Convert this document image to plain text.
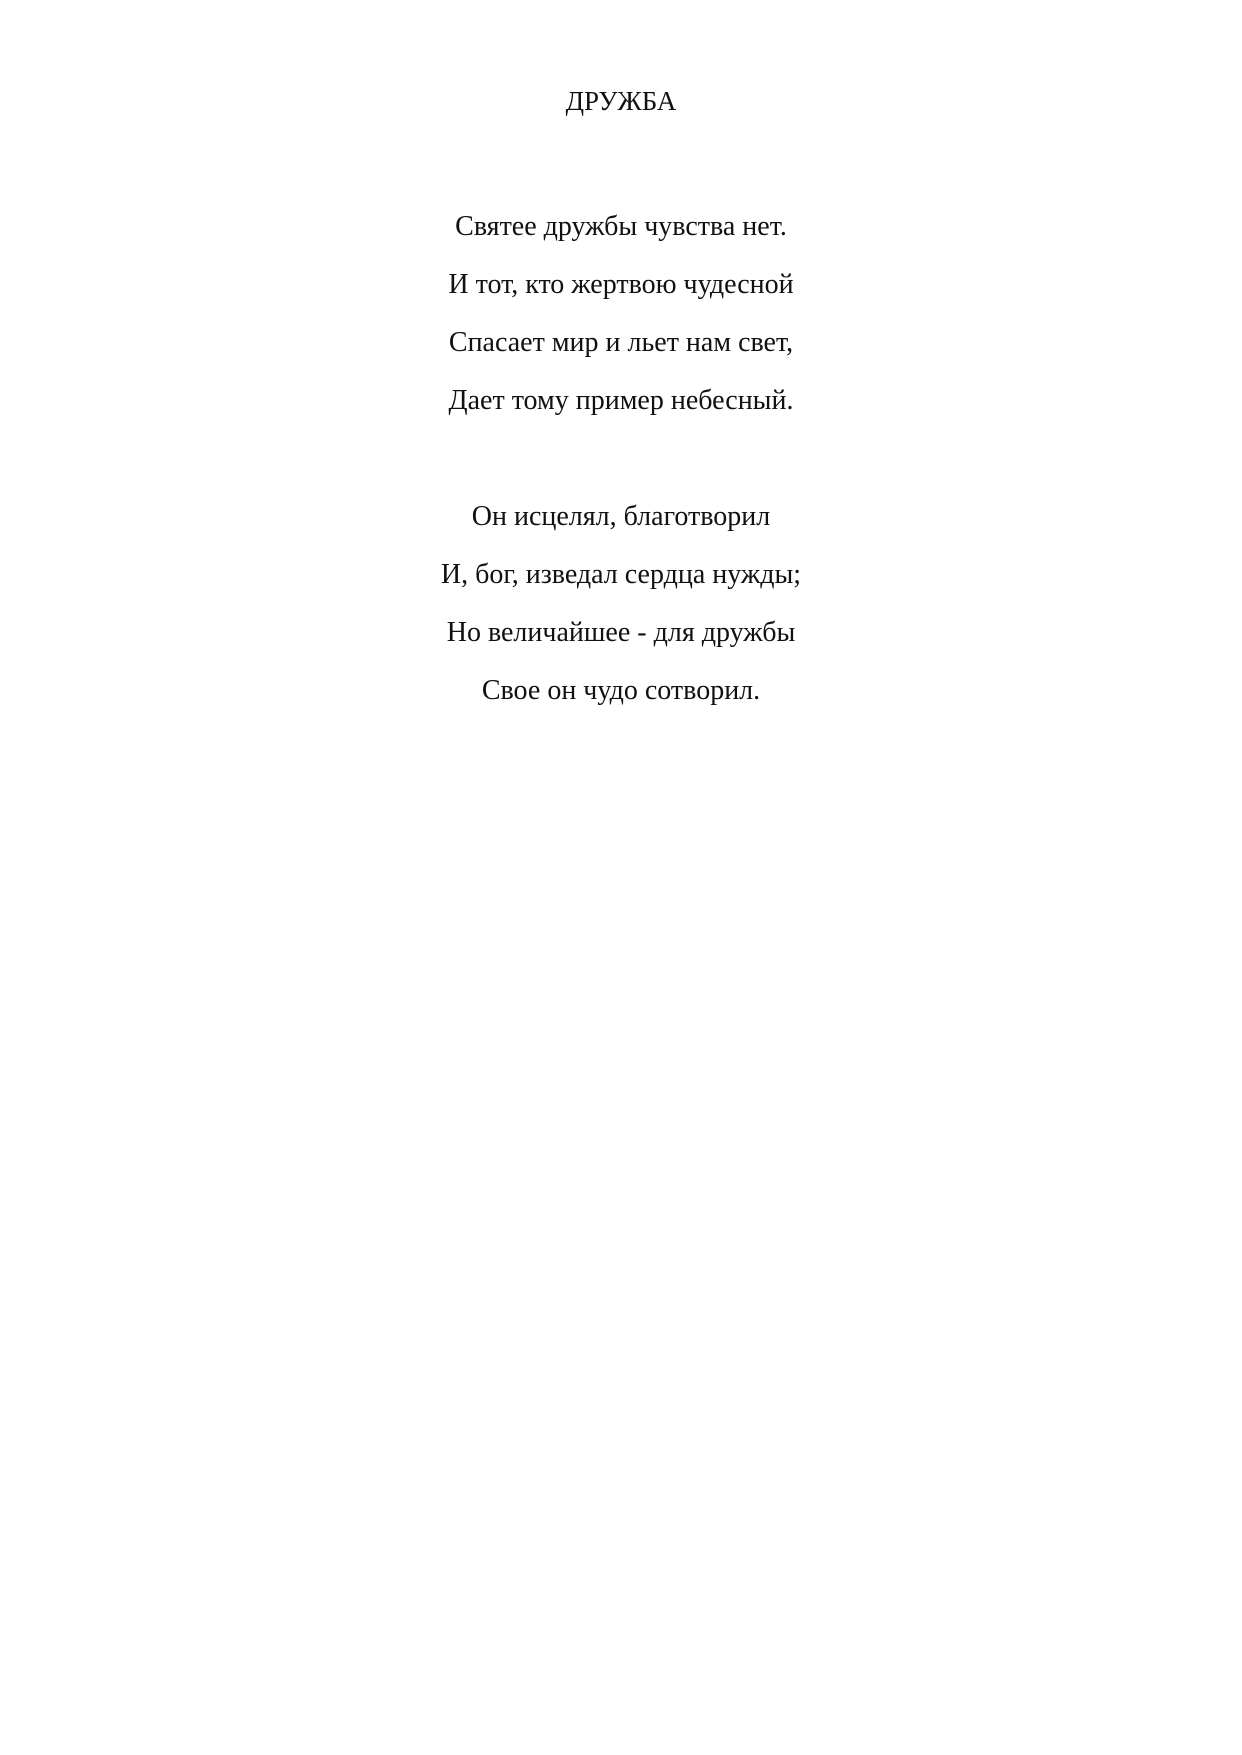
ДРУЖБА
Святее дружбы чувства нет.
И тот, кто жертвою чудесной
Спасает мир и льет нам свет,
Дает тому пример небесный.
Он исцелял, благотворил
И, бог, изведал сердца нужды;
Но величайшее - для дружбы
Свое он чудо сотворил.
